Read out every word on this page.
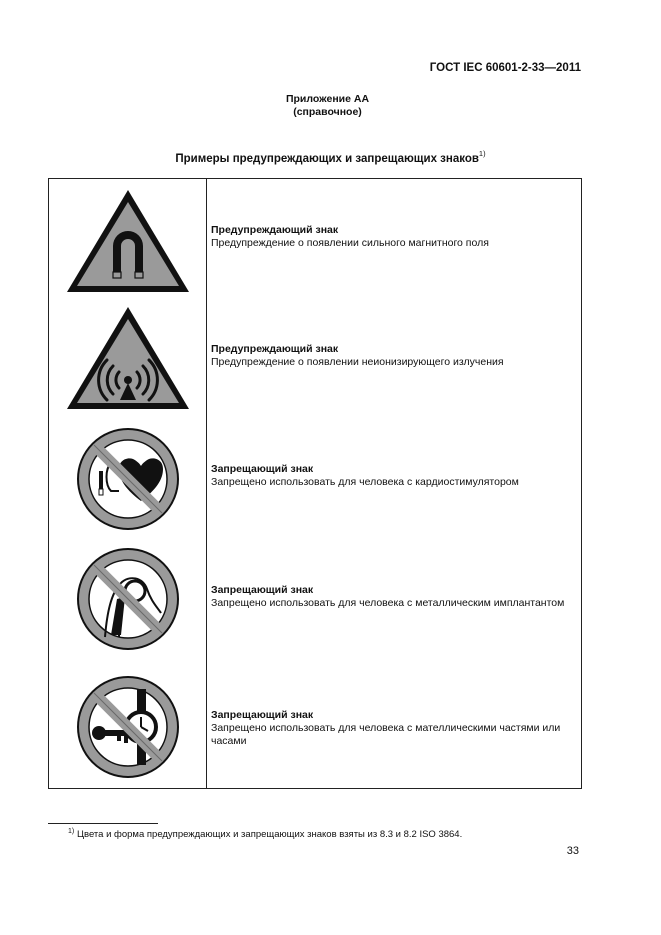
ГОСТ IEC 60601-2-33—2011
Приложение АА
(справочное)
Примеры предупреждающих и запрещающих знаков$^{1)}$
Предупреждающий знак
Предупреждение о появлении сильного магнитного поля
Предупреждающий знак
Предупреждение о появлении неионизирующего излучения
Запрещающий знак
Запрещено использовать для человека с кардиостимулятором
Запрещающий знак
Запрещено использовать для человека с металлическим имплантантом
Запрещающий знак
Запрещено использовать для человека с мателлическими частями или часами
1) Цвета и форма предупреждающих и запрещающих знаков взяты из 8.3 и 8.2 ISO 3864.
33
